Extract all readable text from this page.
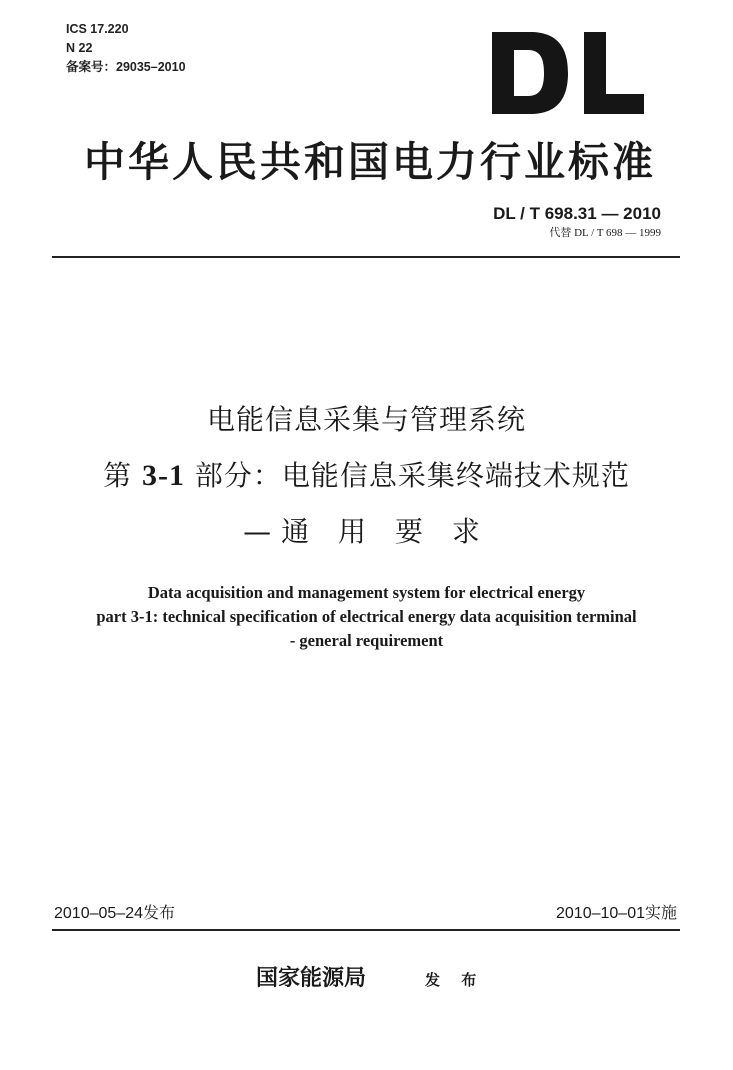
ICS 17.220
N 22
备案号：29035–2010
中华人民共和国电力行业标准
DL / T 698.31 — 2010
代替 DL / T 698 — 1999
电能信息采集与管理系统
第 3-1 部分：电能信息采集终端技术规范
—通 用 要 求
Data acquisition and management system for electrical energy
part 3-1: technical specification of electrical energy data acquisition terminal
- general requirement
2010–05–24发布	2010–10–01实施
国家能源局	发 布
